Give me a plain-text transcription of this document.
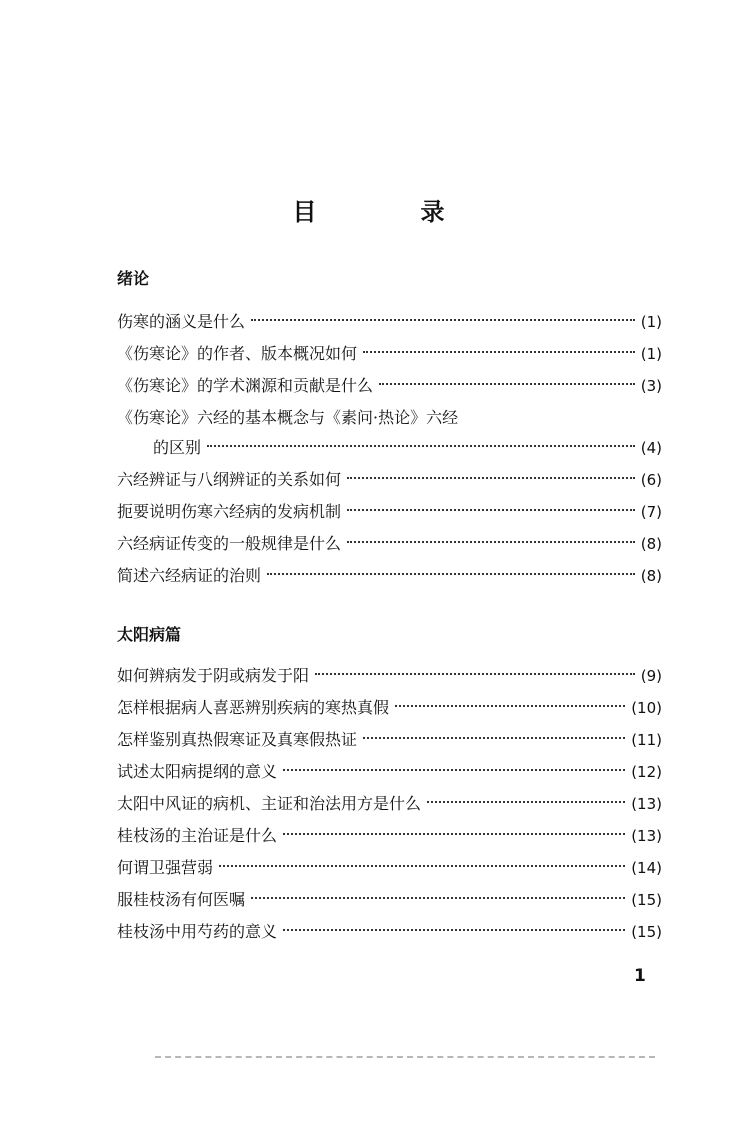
目　录
绪论
伤寒的涵义是什么	(1)
《伤寒论》的作者、版本概况如何	(1)
《伤寒论》的学术渊源和贡献是什么	(3)
《伤寒论》六经的基本概念与《素问·热论》六经
的区别	(4)
六经辨证与八纲辨证的关系如何	(6)
扼要说明伤寒六经病的发病机制	(7)
六经病证传变的一般规律是什么	(8)
简述六经病证的治则	(8)
太阳病篇
如何辨病发于阴或病发于阳	(9)
怎样根据病人喜恶辨别疾病的寒热真假	(10)
怎样鉴别真热假寒证及真寒假热证	(11)
试述太阳病提纲的意义	(12)
太阳中风证的病机、主证和治法用方是什么	(13)
桂枝汤的主治证是什么	(13)
何谓卫强营弱	(14)
服桂枝汤有何医嘱	(15)
桂枝汤中用芍药的意义	(15)
1
